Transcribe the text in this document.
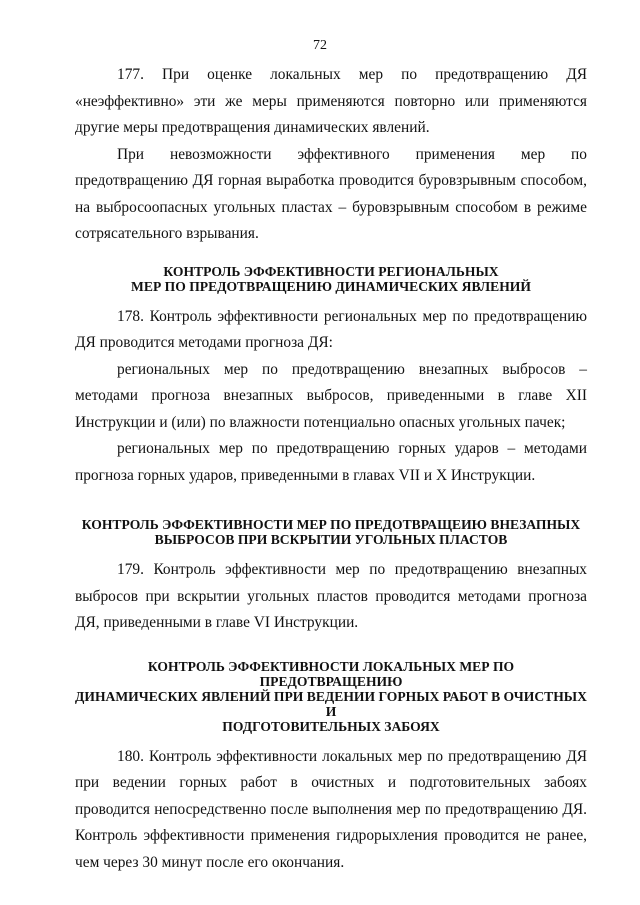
72

177. При оценке локальных мер по предотвращению ДЯ «неэффективно» эти же меры применяются повторно или применяются другие меры предотвращения динамических явлений.

При невозможности эффективного применения мер по предотвращению ДЯ горная выработка проводится буровзрывным способом, на выбросоопасных угольных пластах – буровзрывным способом в режиме сотрясательного взрывания.

КОНТРОЛЬ ЭФФЕКТИВНОСТИ РЕГИОНАЛЬНЫХ
МЕР ПО ПРЕДОТВРАЩЕНИЮ ДИНАМИЧЕСКИХ ЯВЛЕНИЙ

178. Контроль эффективности региональных мер по предотвращению ДЯ проводится методами прогноза ДЯ:

региональных мер по предотвращению внезапных выбросов – методами прогноза внезапных выбросов, приведенными в главе XII Инструкции и (или) по влажности потенциально опасных угольных пачек;

региональных мер по предотвращению горных ударов – методами прогноза горных ударов, приведенными в главах VII и X Инструкции.

КОНТРОЛЬ ЭФФЕКТИВНОСТИ МЕР ПО ПРЕДОТВРАЩЕИЮ ВНЕЗАПНЫХ
ВЫБРОСОВ ПРИ ВСКРЫТИИ УГОЛЬНЫХ ПЛАСТОВ

179. Контроль эффективности мер по предотвращению внезапных выбросов при вскрытии угольных пластов проводится методами прогноза ДЯ, приведенными в главе VI Инструкции.

КОНТРОЛЬ ЭФФЕКТИВНОСТИ ЛОКАЛЬНЫХ МЕР ПО ПРЕДОТВРАЩЕНИЮ
ДИНАМИЧЕСКИХ ЯВЛЕНИЙ ПРИ ВЕДЕНИИ ГОРНЫХ РАБОТ В ОЧИСТНЫХ И
ПОДГОТОВИТЕЛЬНЫХ ЗАБОЯХ

180. Контроль эффективности локальных мер по предотвращению ДЯ при ведении горных работ в очистных и подготовительных забоях проводится непосредственно после выполнения мер по предотвращению ДЯ. Контроль эффективности применения гидрорыхления проводится не ранее, чем через 30 минут после его окончания.
